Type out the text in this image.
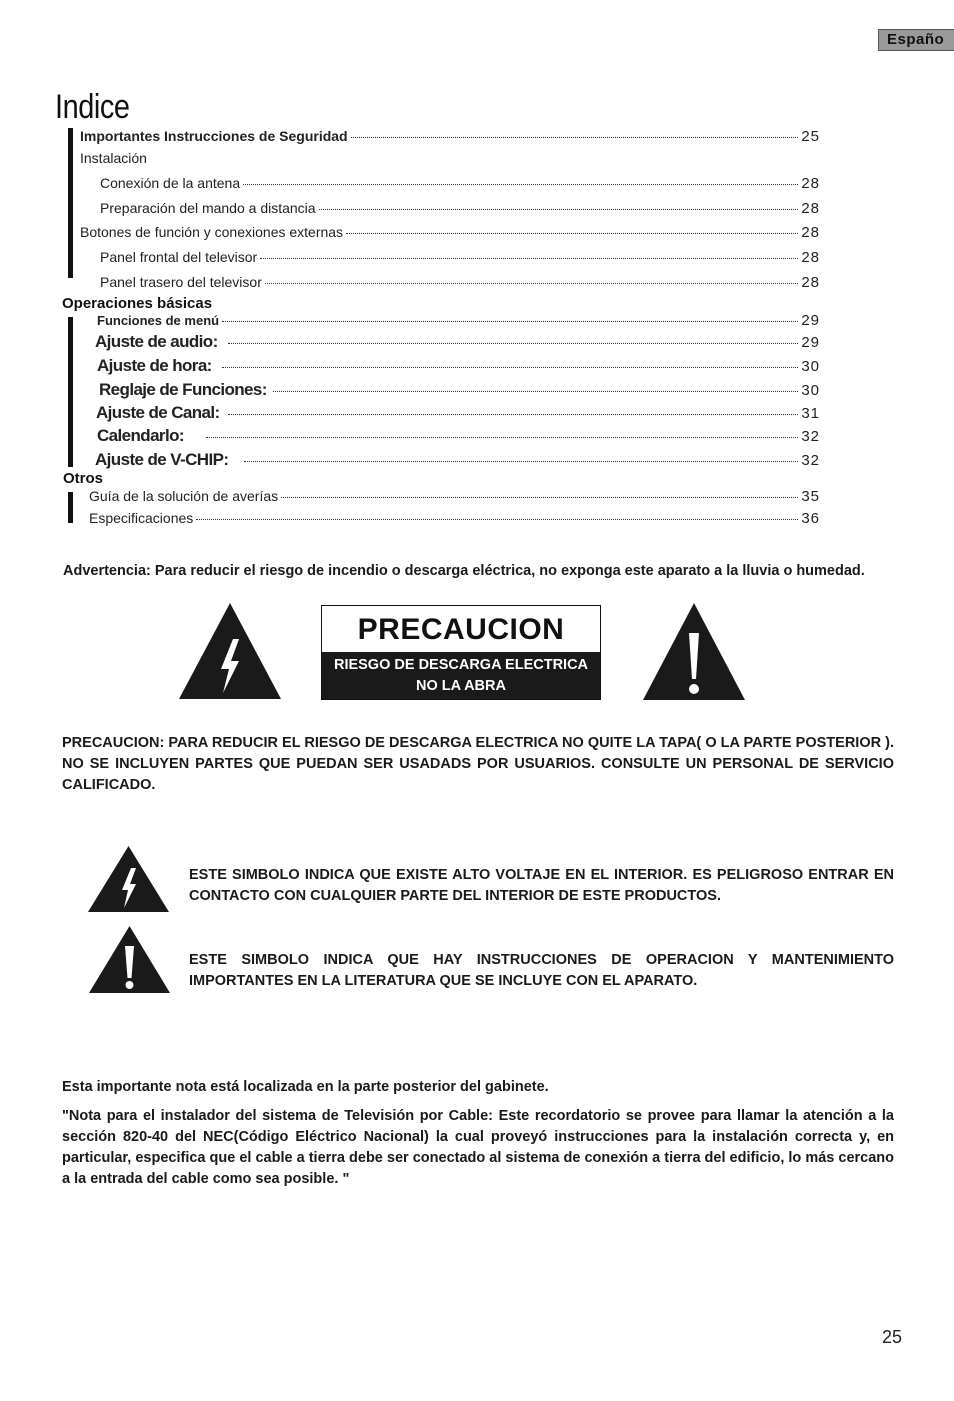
Españo
Indice
Importantes Instrucciones de Seguridad	25
Instalación
Conexión de la antena	28
Preparación del mando a distancia	28
Botones de función y conexiones externas	28
Panel frontal del televisor	28
Panel trasero del televisor	28
Operaciones básicas
Funciones de menú	29
Ajuste de audio:	29
Ajuste de hora:	30
Reglaje de Funciones:	30
Ajuste de Canal:	31
Calendarlo:	32
Ajuste de V-CHIP:	32
Otros
Guía de la solución de averías	35
Especificaciones	36

Advertencia: Para reducir el riesgo de incendio o descarga eléctrica, no exponga este aparato a la lluvia o humedad.

PRECAUCION
RIESGO DE DESCARGA ELECTRICA
NO LA ABRA

PRECAUCION: PARA REDUCIR EL RIESGO DE DESCARGA ELECTRICA NO QUITE LA TAPA( O LA PARTE POSTERIOR ). NO SE INCLUYEN PARTES QUE PUEDAN SER USADADS POR USUARIOS. CONSULTE UN PERSONAL DE SERVICIO CALIFICADO.

ESTE SIMBOLO INDICA QUE EXISTE ALTO VOLTAJE EN EL INTERIOR. ES PELIGROSO ENTRAR EN CONTACTO CON CUALQUIER PARTE DEL INTERIOR DE ESTE PRODUCTOS.

ESTE SIMBOLO INDICA QUE HAY INSTRUCCIONES DE OPERACION Y MANTENIMIENTO IMPORTANTES EN LA LITERATURA QUE SE INCLUYE CON EL APARATO.

Esta importante nota está localizada en la parte posterior del gabinete.

"Nota para el instalador del sistema de Televisión por Cable: Este recordatorio se provee para llamar la atención a la sección 820-40 del NEC(Código Eléctrico Nacional) la cual proveyó instrucciones para la instalación correcta y, en particular, especifica que el cable a tierra debe ser conectado al sistema de conexión a tierra del edificio, lo más cercano a la entrada del cable como sea posible. "

25
